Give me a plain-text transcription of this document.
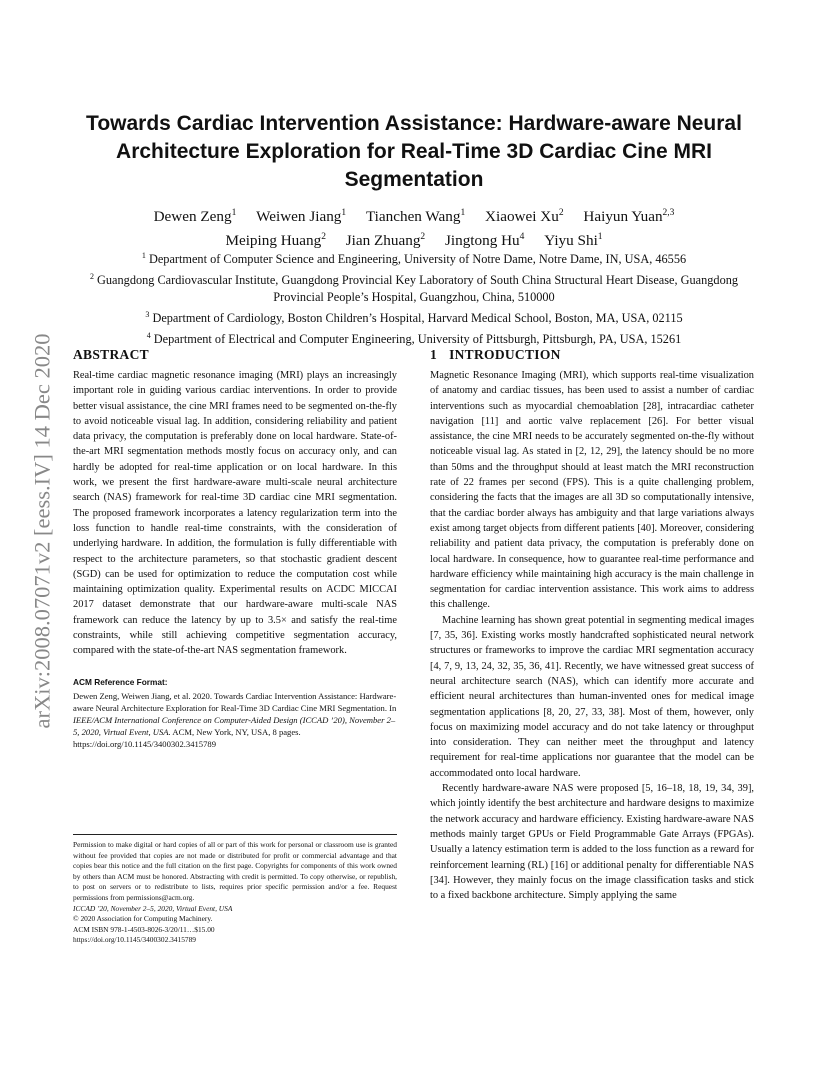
arXiv:2008.07071v2 [eess.IV] 14 Dec 2020
Towards Cardiac Intervention Assistance: Hardware-aware Neural Architecture Exploration for Real-Time 3D Cardiac Cine MRI Segmentation
Dewen Zeng$^1$ Weiwen Jiang$^1$ Tianchen Wang$^1$ Xiaowei Xu$^2$ Haiyun Yuan$^{2,3}$
Meiping Huang$^2$ Jian Zhuang$^2$ Jingtong Hu$^4$ Yiyu Shi$^1$
$^1$ Department of Computer Science and Engineering, University of Notre Dame, Notre Dame, IN, USA, 46556
$^2$ Guangdong Cardiovascular Institute, Guangdong Provincial Key Laboratory of South China Structural Heart Disease, Guangdong Provincial People’s Hospital, Guangzhou, China, 510000
$^3$ Department of Cardiology, Boston Children’s Hospital, Harvard Medical School, Boston, MA, USA, 02115
$^4$ Department of Electrical and Computer Engineering, University of Pittsburgh, Pittsburgh, PA, USA, 15261
ABSTRACT

Real-time cardiac magnetic resonance imaging (MRI) plays an increasingly important role in guiding various cardiac interventions. In order to provide better visual assistance, the cine MRI frames need to be segmented on-the-fly to avoid noticeable visual lag. In addition, considering reliability and patient data privacy, the computation is preferably done on local hardware. State-of-the-art MRI segmentation methods mostly focus on accuracy only, and can hardly be adopted for real-time application or on local hardware. In this work, we present the first hardware-aware multi-scale neural architecture search (NAS) framework for real-time 3D cardiac cine MRI segmentation. The proposed framework incorporates a latency regularization term into the loss function to handle real-time constraints, with the consideration of underlying hardware. In addition, the formulation is fully differentiable with respect to the architecture parameters, so that stochastic gradient descent (SGD) can be used for optimization to reduce the computation cost while maintaining optimization quality. Experimental results on ACDC MICCAI 2017 dataset demonstrate that our hardware-aware multi-scale NAS framework can reduce the latency by up to 3.5× and satisfy the real-time constraints, while still achieving competitive segmentation accuracy, compared with the state-of-the-art NAS segmentation framework.

ACM Reference Format:

Dewen Zeng, Weiwen Jiang, et al. 2020. Towards Cardiac Intervention Assistance: Hardware-aware Neural Architecture Exploration for Real-Time 3D Cardiac Cine MRI Segmentation. In IEEE/ACM International Conference on Computer-Aided Design (ICCAD ’20), November 2–5, 2020, Virtual Event, USA. ACM, New York, NY, USA, 8 pages. https://doi.org/10.1145/3400302.3415789

Permission to make digital or hard copies of all or part of this work for personal or classroom use is granted without fee provided that copies are not made or distributed for profit or commercial advantage and that copies bear this notice and the full citation on the first page. Copyrights for components of this work owned by others than ACM must be honored. Abstracting with credit is permitted. To copy otherwise, or republish, to post on servers or to redistribute to lists, requires prior specific permission and/or a fee. Request permissions from permissions@acm.org.

ICCAD ’20, November 2–5, 2020, Virtual Event, USA
© 2020 Association for Computing Machinery.
ACM ISBN 978-1-4503-8026-3/20/11…$15.00
https://doi.org/10.1145/3400302.3415789
1 INTRODUCTION

Magnetic Resonance Imaging (MRI), which supports real-time visualization of anatomy and cardiac tissues, has been used to assist a number of cardiac interventions such as myocardial chemoablation [28], intracardiac catheter navigation [11] and aortic valve replacement [26]. For better visual assistance, the cine MRI needs to be accurately segmented on-the-fly without noticeable visual lag. As stated in [2, 12, 29], the latency should be no more than 50ms and the throughput should at least match the MRI reconstruction rate of 22 frames per second (FPS). This is a quite challenging problem, considering the facts that the images are all 3D so computationally intensive, that the cardiac border always has ambiguity and that large variations always exist among target objects from different patients [40]. Moreover, considering reliability and patient data privacy, the computation is preferably done on local hardware. In consequence, how to guarantee real-time performance and hardware efficiency while maintaining high accuracy is the main challenge in segmentation for cardiac intervention assistance. This work aims to address this challenge.

Machine learning has shown great potential in segmenting medical images [7, 35, 36]. Existing works mostly handcrafted sophisticated neural network structures or frameworks to improve the cardiac MRI segmentation accuracy [4, 7, 9, 13, 24, 32, 35, 36, 41]. Recently, we have witnessed great success of neural architecture search (NAS), which can identify more accurate and efficient neural architectures than human-invented ones for medical image segmentation applications [8, 20, 27, 33, 38]. Most of them, however, only focus on maximizing model accuracy and do not take latency or throughput into consideration. They can neither meet the throughput and latency requirement for real-time applications nor guarantee that the model can be accommodated onto local hardware.

Recently hardware-aware NAS were proposed [5, 16–18, 18, 19, 34, 39], which jointly identify the best architecture and hardware designs to maximize the network accuracy and hardware efficiency. Existing hardware-aware NAS methods mainly target GPUs or Field Programmable Gate Arrays (FPGAs). Usually a latency estimation term is added to the loss function as a reward for reinforcement learning (RL) [16] or additional penalty for differentiable NAS [34]. However, they mainly focus on the image classification tasks and stick to a fixed backbone architecture. Simply applying the same
